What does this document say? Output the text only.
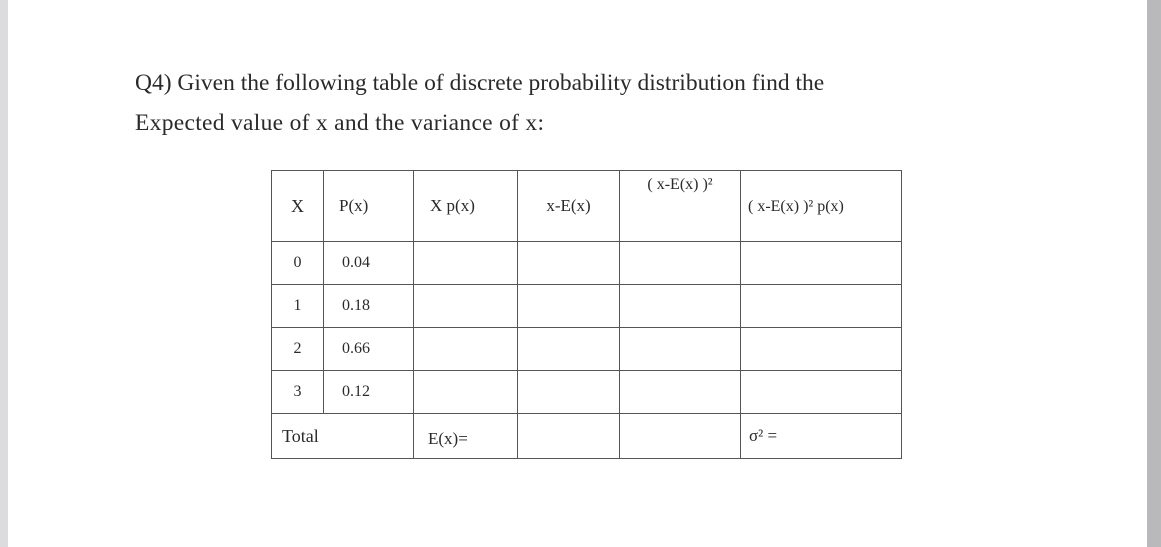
Q4) Given the following table of discrete probability distribution find the
Expected value of x and the variance of x:
X	P(x)	X p(x)	x-E(x)	( x-E(x) )²	( x-E(x) )² p(x)
0	0.04				
1	0.18				
2	0.66				
3	0.12				
Total		E(x)=			σ² =
